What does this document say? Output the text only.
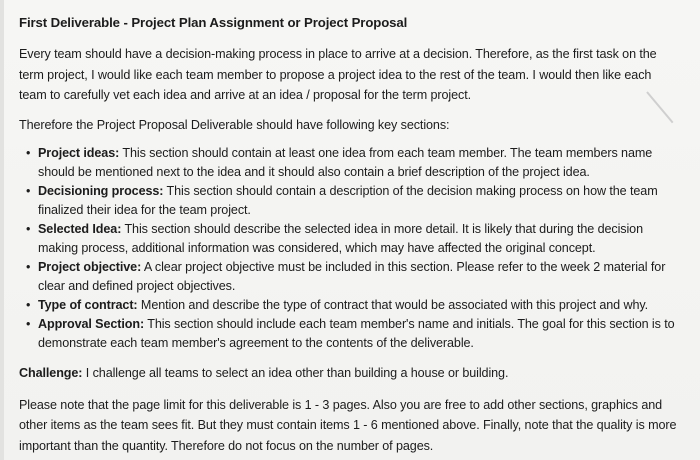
First Deliverable - Project Plan Assignment or Project Proposal

Every team should have a decision-making process in place to arrive at a decision. Therefore, as the first task on the term project, I would like each team member to propose a project idea to the rest of the team. I would then like each team to carefully vet each idea and arrive at an idea / proposal for the term project.

Therefore the Project Proposal Deliverable should have following key sections:

• Project ideas: This section should contain at least one idea from each team member. The team members name should be mentioned next to the idea and it should also contain a brief description of the project idea.
• Decisioning process: This section should contain a description of the decision making process on how the team finalized their idea for the team project.
• Selected Idea: This section should describe the selected idea in more detail. It is likely that during the decision making process, additional information was considered, which may have affected the original concept.
• Project objective: A clear project objective must be included in this section. Please refer to the week 2 material for clear and defined project objectives.
• Type of contract: Mention and describe the type of contract that would be associated with this project and why.
• Approval Section: This section should include each team member's name and initials. The goal for this section is to demonstrate each team member's agreement to the contents of the deliverable.

Challenge: I challenge all teams to select an idea other than building a house or building.

Please note that the page limit for this deliverable is 1 - 3 pages. Also you are free to add other sections, graphics and other items as the team sees fit. But they must contain items 1 - 6 mentioned above. Finally, note that the quality is more important than the quantity. Therefore do not focus on the number of pages.
